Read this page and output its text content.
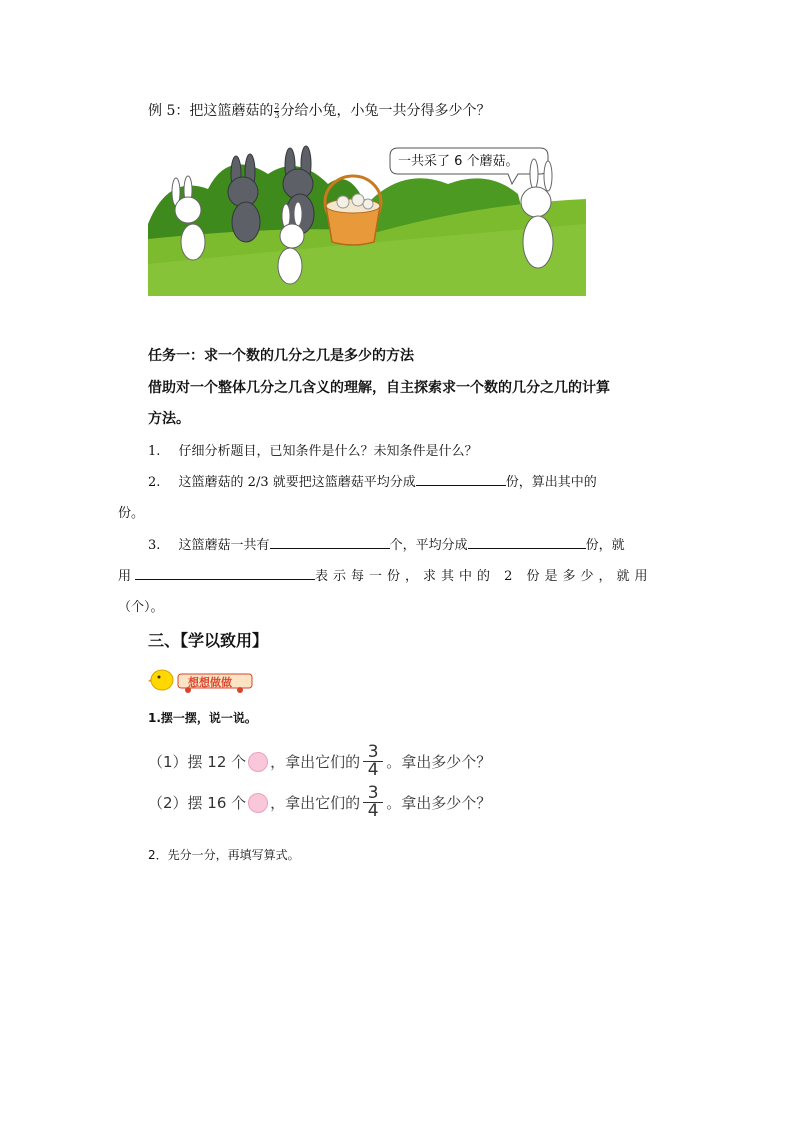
例 5：把这篮蘑菇的 $\frac{2}{3}$ 分给小兔，小兔一共分得多少个？
一共采了 6 个蘑菇。
任务一：求一个数的几分之几是多少的方法
借助对一个整体几分之几含义的理解，自主探索求一个数的几分之几的计算
方法。
1. 仔细分析题目，已知条件是什么？未知条件是什么？
2. 这篮蘑菇的 2/3 就要把这篮蘑菇平均分成	份，算出其中的
份。
3. 这篮蘑菇一共有	个，平均分成	份，就
用	表示每一份，求其中的 2 份是多少，就用
（个）。
三、【学以致用】
想想做做
1.摆一摆，说一说。
（1）摆 12 个 ，拿出它们的 $\frac{3}{4}$ 。拿出多少个？
（2）摆 16 个 ，拿出它们的 $\frac{3}{4}$ 。拿出多少个？
2．先分一分，再填写算式。
